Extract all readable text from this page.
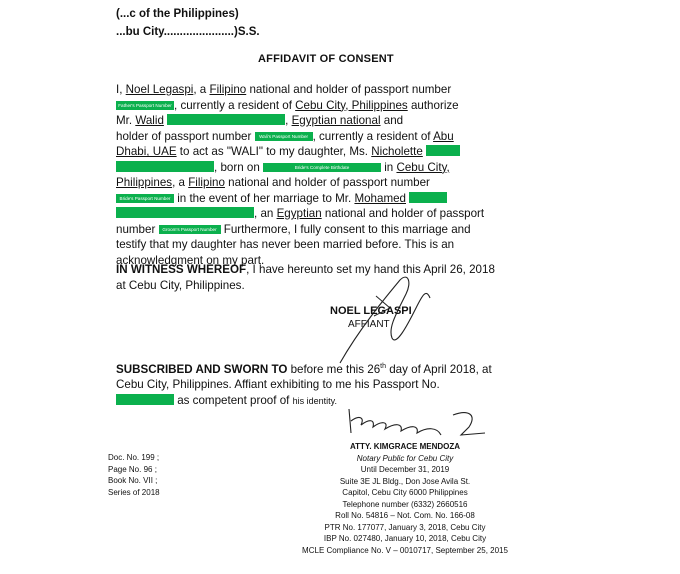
(...c of the Philippines)
...bu City......................)S.S.
AFFIDAVIT OF CONSENT
I, Noel Legaspi, a Filipino national and holder of passport number
Father's Passport Number , currently a resident of Cebu City, Philippines authorize
Mr. Walid	, Egyptian national and
holder of passport number Wali's Passport Number , currently a resident of Abu
Dhabi, UAE to act as "WALI" to my daughter, Ms. Nicholette
, born on	Bride's Complete Birthdate	in Cebu City,
Philippines, a Filipino national and holder of passport number
Bride's Passport Number in the event of her marriage to Mr. Mohamed
, an Egyptian national and holder of passport
number Groom's Passport Number Furthermore, I fully consent to this marriage and
testify that my daughter has never been married before. This is an
acknowledgment on my part.
IN WITNESS WHEREOF, I have hereunto set my hand this April 26, 2018
at Cebu City, Philippines.
NOEL LEGASPI
AFFIANT
SUBSCRIBED AND SWORN TO before me this 26th day of April 2018, at
Cebu City, Philippines. Affiant exhibiting to me his Passport No.
as competent proof of his identity.
Doc. No. 199 ;
Page No. 96 ;
Book No. VII ;
Series of 2018
ATTY. KIMGRACE MENDOZA
Notary Public for Cebu City
Until December 31, 2019
Suite 3E JL Bldg., Don Jose Avila St.
Capitol, Cebu City 6000 Philippines
Telephone number (6332) 2660516
Roll No. 54816 – Not. Com. No. 166-08
PTR No. 177077, January 3, 2018, Cebu City
IBP No. 027480, January 10, 2018, Cebu City
MCLE Compliance No. V – 0010717, September 25, 2015
